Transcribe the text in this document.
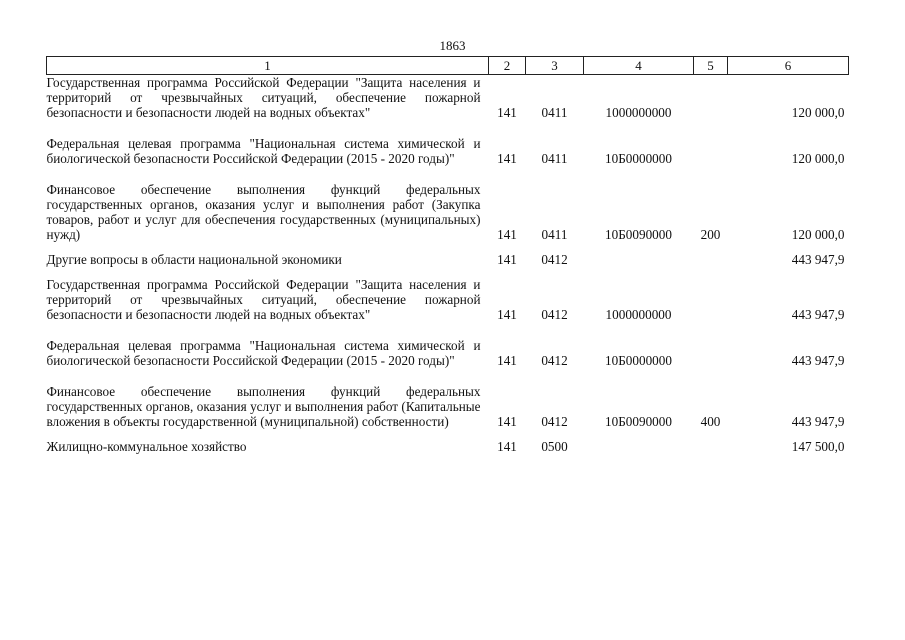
1863
1	2	3	4	5	6
Государственная программа Российской Федерации "Защита населения и территорий от чрезвычайных ситуаций, обеспечение пожарной безопасности и безопасности людей на водных объектах"	141	0411	1000000000		120 000,0
Федеральная целевая программа "Национальная система химической и биологической безопасности Российской Федерации (2015 - 2020 годы)"	141	0411	10Б0000000		120 000,0
Финансовое обеспечение выполнения функций федеральных государственных органов, оказания услуг и выполнения работ (Закупка товаров, работ и услуг для обеспечения государственных (муниципальных) нужд)	141	0411	10Б0090000	200	120 000,0
Другие вопросы в области национальной экономики	141	0412			443 947,9
Государственная программа Российской Федерации "Защита населения и территорий от чрезвычайных ситуаций, обеспечение пожарной безопасности и безопасности людей на водных объектах"	141	0412	1000000000		443 947,9
Федеральная целевая программа "Национальная система химической и биологической безопасности Российской Федерации (2015 - 2020 годы)"	141	0412	10Б0000000		443 947,9
Финансовое обеспечение выполнения функций федеральных государственных органов, оказания услуг и выполнения работ (Капитальные вложения в объекты государственной (муниципальной) собственности)	141	0412	10Б0090000	400	443 947,9
Жилищно-коммунальное хозяйство	141	0500			147 500,0
